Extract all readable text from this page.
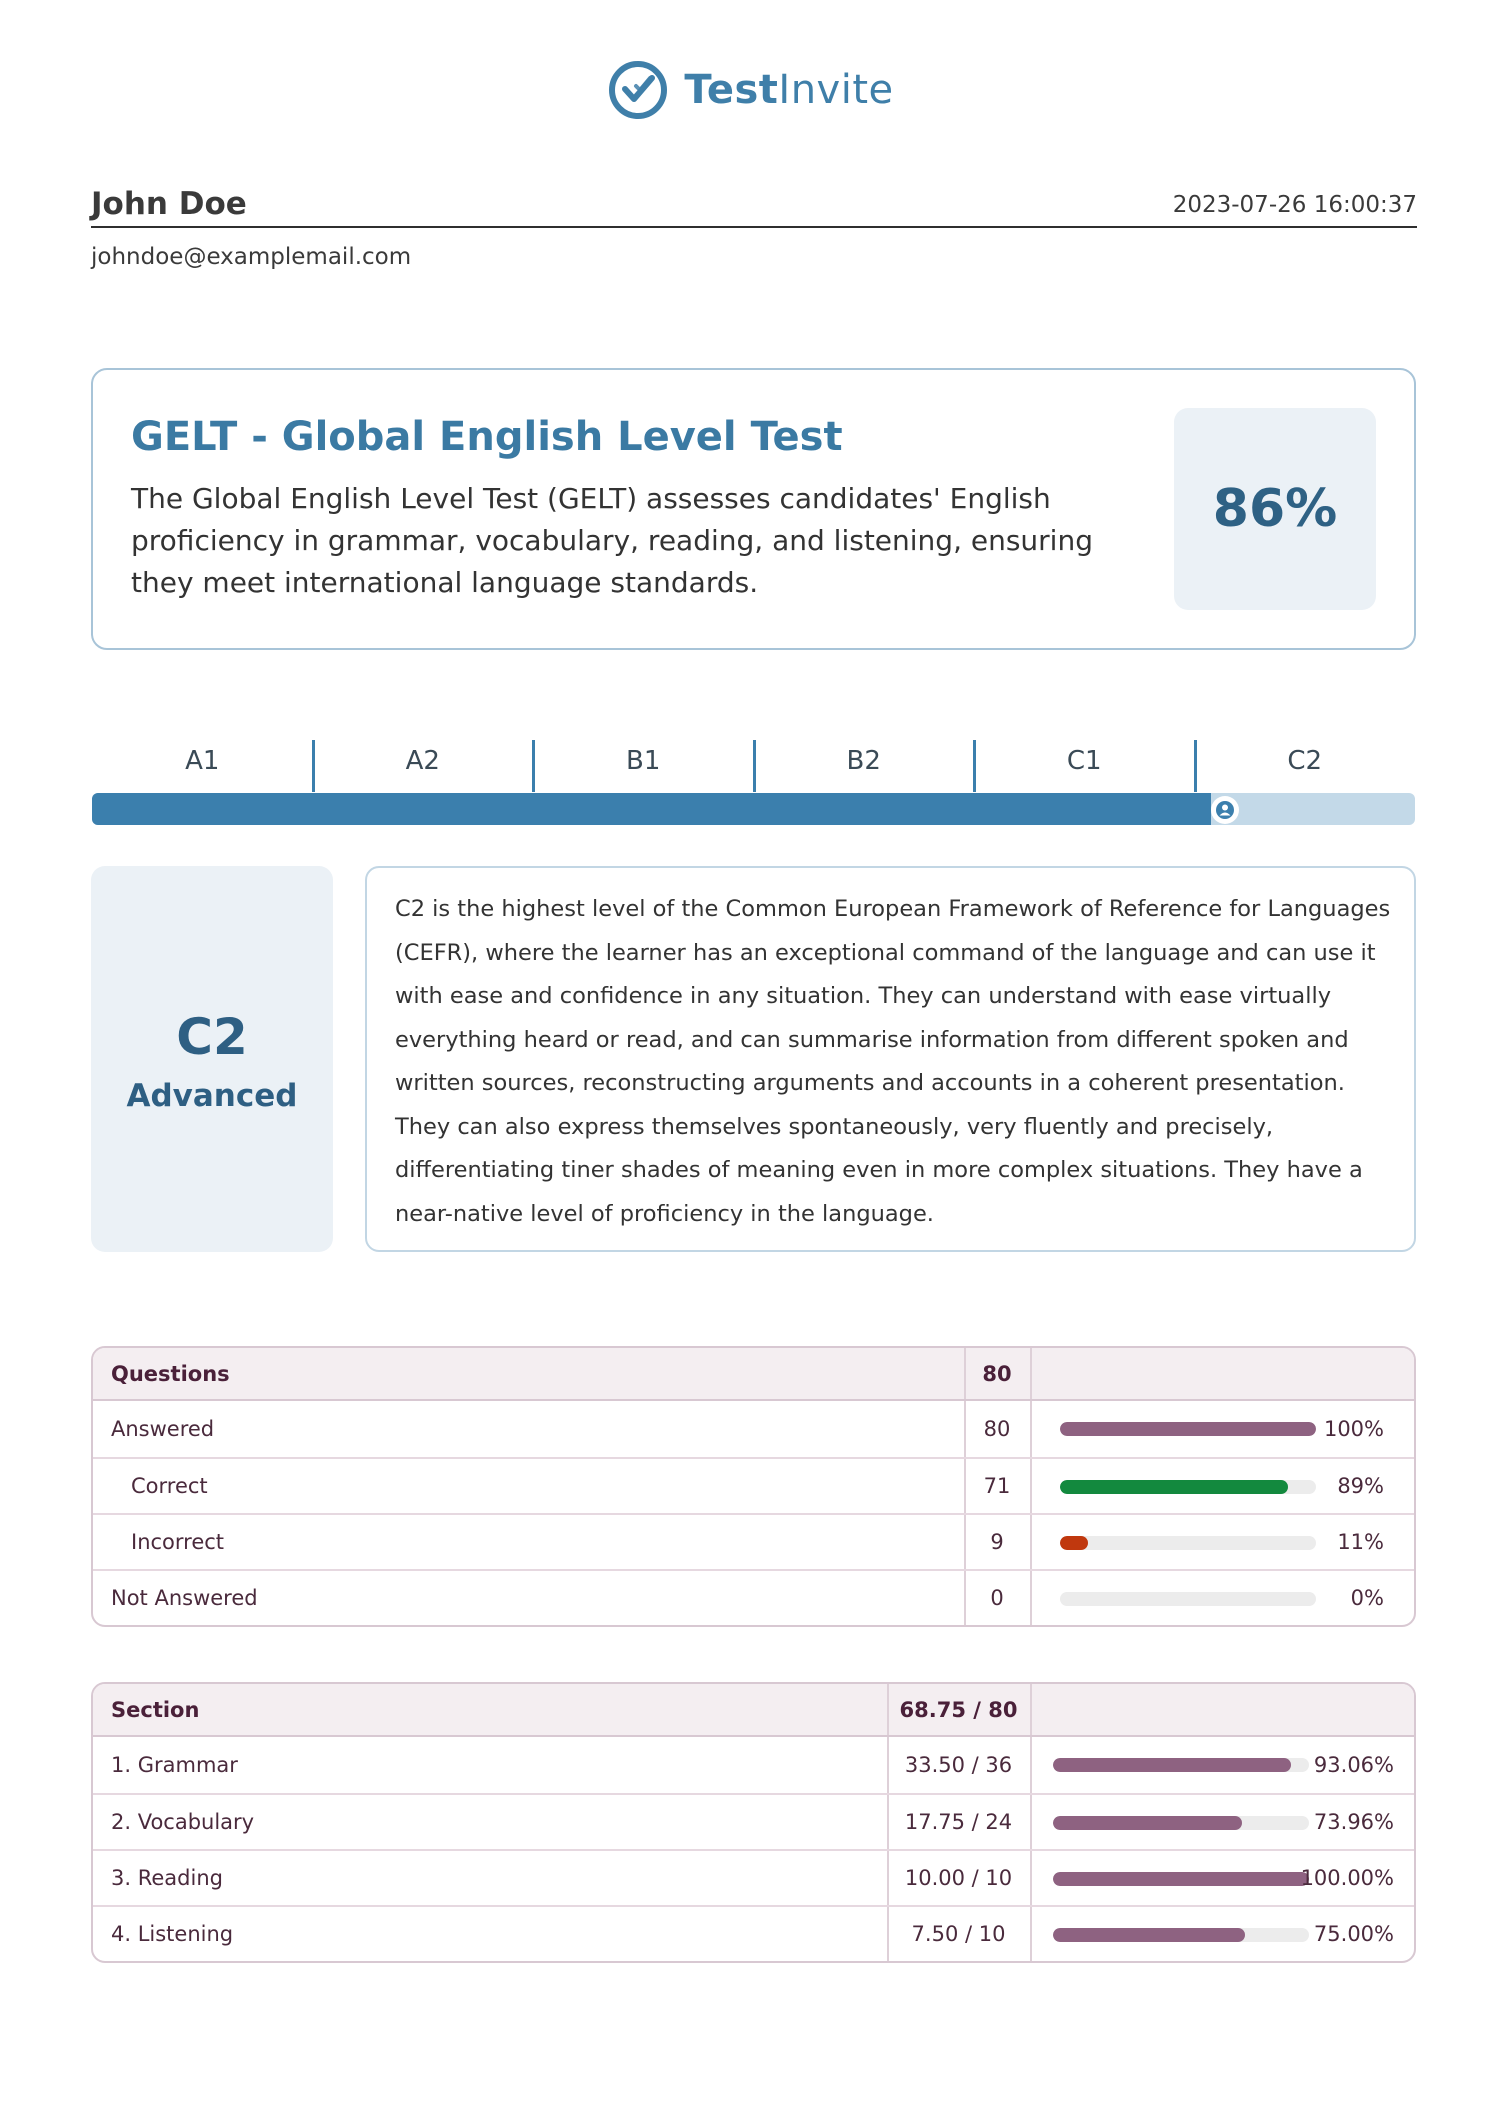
TestInvite
John Doe	2023-07-26 16:00:37
johndoe@examplemail.com
GELT - Global English Level Test
The Global English Level Test (GELT) assesses candidates' English proficiency in grammar, vocabulary, reading, and listening, ensuring they meet international language standards.
86%
A1	A2	B1	B2	C1	C2
C2
Advanced
C2 is the highest level of the Common European Framework of Reference for Languages (CEFR), where the learner has an exceptional command of the language and can use it with ease and confidence in any situation. They can understand with ease virtually everything heard or read, and can summarise information from different spoken and written sources, reconstructing arguments and accounts in a coherent presentation. They can also express themselves spontaneously, very fluently and precisely, differentiating tiner shades of meaning even in more complex situations. They have a near-native level of proficiency in the language.
Questions	80
Answered	80	100%
Correct	71	89%
Incorrect	9	11%
Not Answered	0	0%
Section	68.75 / 80
1. Grammar	33.50 / 36	93.06%
2. Vocabulary	17.75 / 24	73.96%
3. Reading	10.00 / 10	100.00%
4. Listening	7.50 / 10	75.00%
